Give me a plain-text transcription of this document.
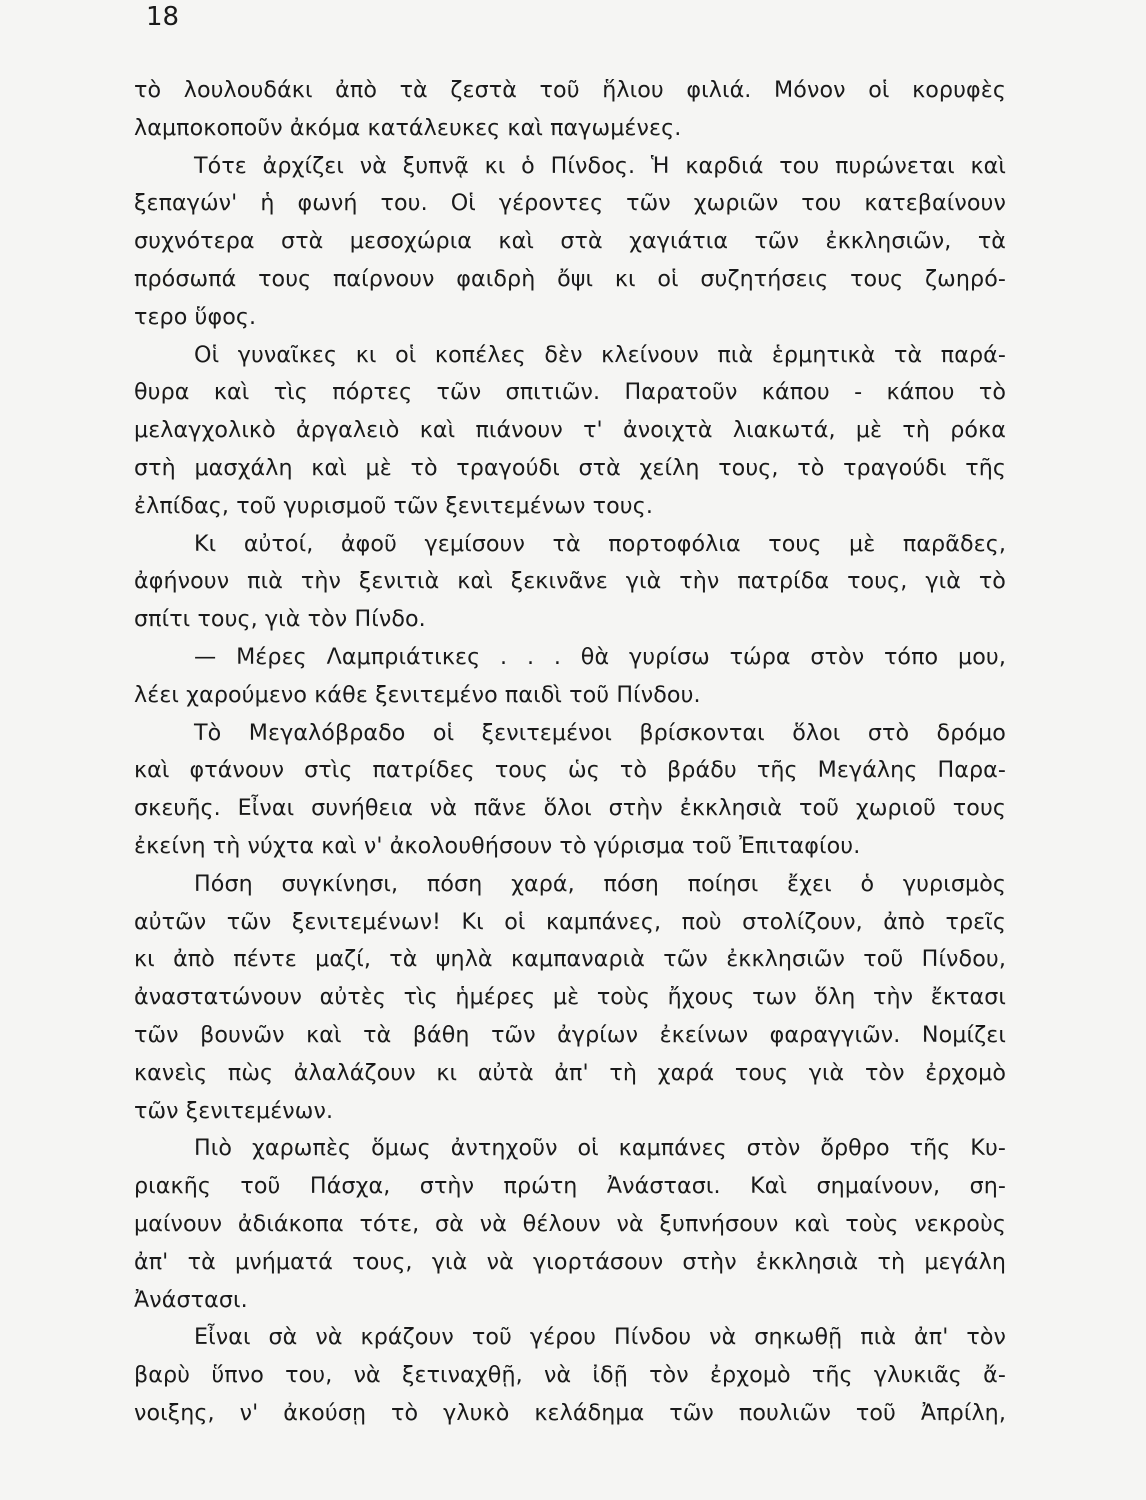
18
τὸ λουλουδάκι ἀπὸ τὰ ζεστὰ τοῦ ἥλιου φιλιά. Μόνον οἱ κορυφὲς
λαμποκοποῦν ἀκόμα κατάλευκες καὶ παγωμένες.
Τότε ἀρχίζει νὰ ξυπνᾷ κι ὁ Πίνδος. Ἡ καρδιά του πυρώνεται καὶ
ξεπαγών' ἡ φωνή του. Οἱ γέροντες τῶν χωριῶν του κατεβαίνουν
συχνότερα στὰ μεσοχώρια καὶ στὰ χαγιάτια τῶν ἐκκλησιῶν, τὰ
πρόσωπά τους παίρνουν φαιδρὴ ὄψι κι οἱ συζητήσεις τους ζωηρό-
τερο ὕφος.
Οἱ γυναῖκες κι οἱ κοπέλες δὲν κλείνουν πιὰ ἑρμητικὰ τὰ παρά-
θυρα καὶ τὶς πόρτες τῶν σπιτιῶν. Παρατοῦν κάπου - κάπου τὸ
μελαγχολικὸ ἀργαλειὸ καὶ πιάνουν τ' ἀνοιχτὰ λιακωτά, μὲ τὴ ρόκα
στὴ μασχάλη καὶ μὲ τὸ τραγούδι στὰ χείλη τους, τὸ τραγούδι τῆς
ἐλπίδας, τοῦ γυρισμοῦ τῶν ξενιτεμένων τους.
Κι αὐτοί, ἀφοῦ γεμίσουν τὰ πορτοφόλια τους μὲ παρᾶδες,
ἀφήνουν πιὰ τὴν ξενιτιὰ καὶ ξεκινᾶνε γιὰ τὴν πατρίδα τους, γιὰ τὸ
σπίτι τους, γιὰ τὸν Πίνδο.
— Μέρες Λαμπριάτικες . . . θὰ γυρίσω τώρα στὸν τόπο μου,
λέει χαρούμενο κάθε ξενιτεμένο παιδὶ τοῦ Πίνδου.
Τὸ Μεγαλόβραδο οἱ ξενιτεμένοι βρίσκονται ὅλοι στὸ δρόμο
καὶ φτάνουν στὶς πατρίδες τους ὡς τὸ βράδυ τῆς Μεγάλης Παρα-
σκευῆς. Εἶναι συνήθεια νὰ πᾶνε ὅλοι στὴν ἐκκλησιὰ τοῦ χωριοῦ τους
ἐκείνη τὴ νύχτα καὶ ν' ἀκολουθήσουν τὸ γύρισμα τοῦ Ἐπιταφίου.
Πόση συγκίνησι, πόση χαρά, πόση ποίησι ἔχει ὁ γυρισμὸς
αὐτῶν τῶν ξενιτεμένων! Κι οἱ καμπάνες, ποὺ στολίζουν, ἀπὸ τρεῖς
κι ἀπὸ πέντε μαζί, τὰ ψηλὰ καμπαναριὰ τῶν ἐκκλησιῶν τοῦ Πίνδου,
ἀναστατώνουν αὐτὲς τὶς ἡμέρες μὲ τοὺς ἤχους των ὅλη τὴν ἔκτασι
τῶν βουνῶν καὶ τὰ βάθη τῶν ἀγρίων ἐκείνων φαραγγιῶν. Νομίζει
κανεὶς πὼς ἀλαλάζουν κι αὐτὰ ἀπ' τὴ χαρά τους γιὰ τὸν ἐρχομὸ
τῶν ξενιτεμένων.
Πιὸ χαρωπὲς ὅμως ἀντηχοῦν οἱ καμπάνες στὸν ὄρθρο τῆς Κυ-
ριακῆς τοῦ Πάσχα, στὴν πρώτη Ἀνάστασι. Καὶ σημαίνουν, ση-
μαίνουν ἀδιάκοπα τότε, σὰ νὰ θέλουν νὰ ξυπνήσουν καὶ τοὺς νεκροὺς
ἀπ' τὰ μνήματά τους, γιὰ νὰ γιορτάσουν στὴν ἐκκλησιὰ τὴ μεγάλη
Ἀνάστασι.
Εἶναι σὰ νὰ κράζουν τοῦ γέρου Πίνδου νὰ σηκωθῇ πιὰ ἀπ' τὸν
βαρὺ ὕπνο του, νὰ ξετιναχθῇ, νὰ ἰδῇ τὸν ἐρχομὸ τῆς γλυκιᾶς ἄ-
νοιξης, ν' ἀκούσῃ τὸ γλυκὸ κελάδημα τῶν πουλιῶν τοῦ Ἀπρίλη,
